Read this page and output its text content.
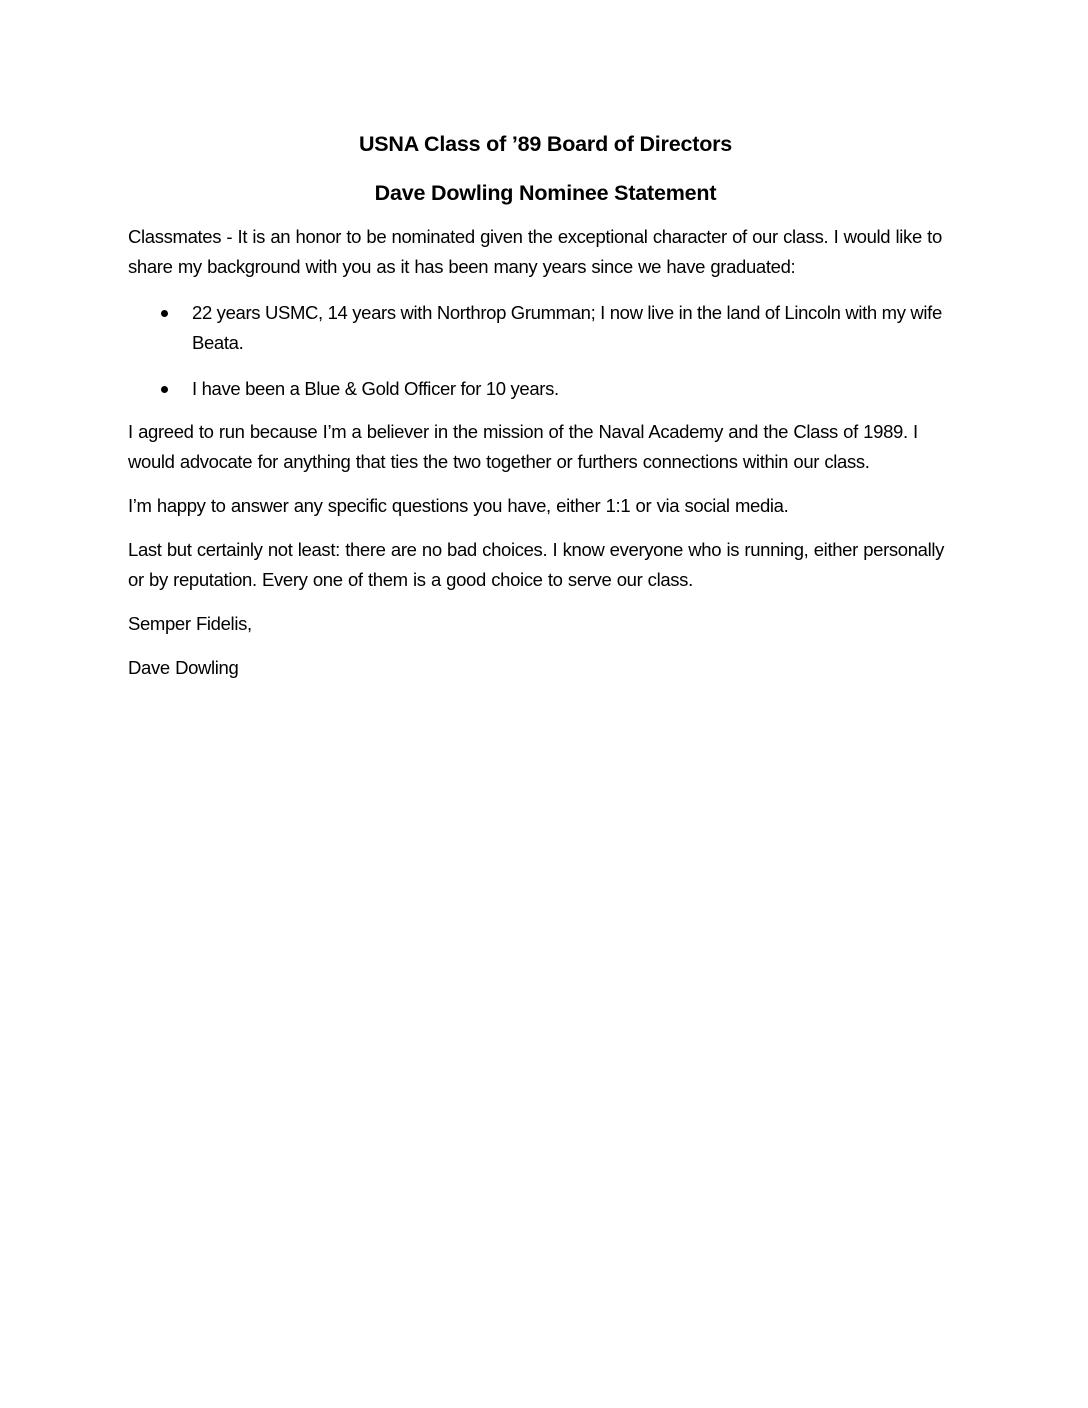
USNA Class of ’89 Board of Directors
Dave Dowling Nominee Statement

Classmates - It is an honor to be nominated given the exceptional character of our class. I would like to share my background with you as it has been many years since we have graduated:

22 years USMC, 14 years with Northrop Grumman; I now live in the land of Lincoln with my wife Beata.
I have been a Blue & Gold Officer for 10 years.

I agreed to run because I’m a believer in the mission of the Naval Academy and the Class of 1989. I would advocate for anything that ties the two together or furthers connections within our class.

I’m happy to answer any specific questions you have, either 1:1 or via social media.

Last but certainly not least: there are no bad choices. I know everyone who is running, either personally or by reputation. Every one of them is a good choice to serve our class.

Semper Fidelis,

Dave Dowling
